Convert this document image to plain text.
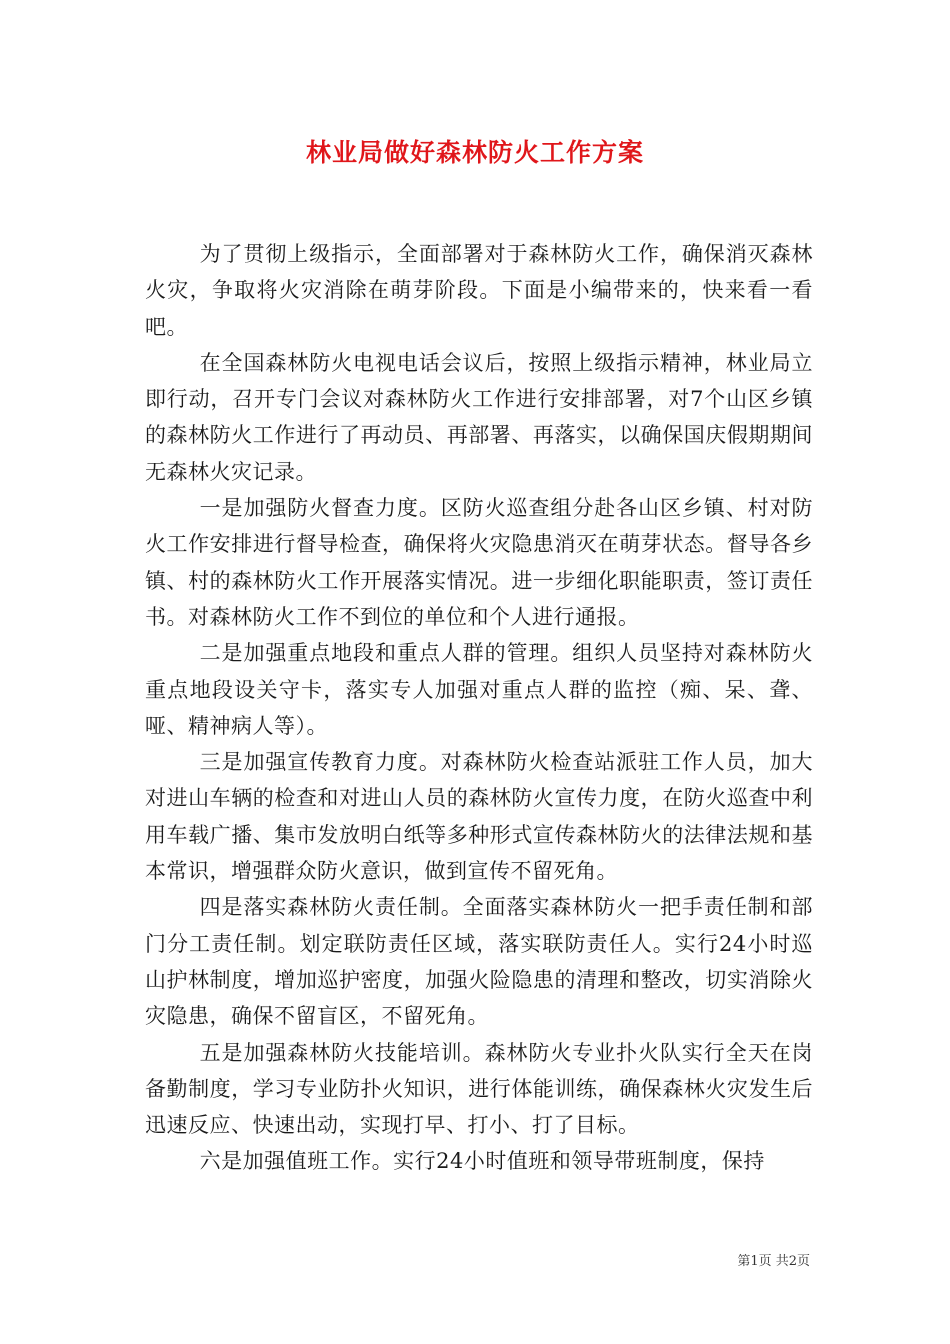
林业局做好森林防火工作方案

为了贯彻上级指示，全面部署对于森林防火工作，确保消灭森林火灾，争取将火灾消除在萌芽阶段。下面是小编带来的，快来看一看吧。

在全国森林防火电视电话会议后，按照上级指示精神，林业局立即行动，召开专门会议对森林防火工作进行安排部署，对7个山区乡镇的森林防火工作进行了再动员、再部署、再落实，以确保国庆假期期间无森林火灾记录。

一是加强防火督查力度。区防火巡查组分赴各山区乡镇、村对防火工作安排进行督导检查，确保将火灾隐患消灭在萌芽状态。督导各乡镇、村的森林防火工作开展落实情况。进一步细化职能职责，签订责任书。对森林防火工作不到位的单位和个人进行通报。

二是加强重点地段和重点人群的管理。组织人员坚持对森林防火重点地段设关守卡，落实专人加强对重点人群的监控（痴、呆、聋、哑、精神病人等）。

三是加强宣传教育力度。对森林防火检查站派驻工作人员，加大对进山车辆的检查和对进山人员的森林防火宣传力度，在防火巡查中利用车载广播、集市发放明白纸等多种形式宣传森林防火的法律法规和基本常识，增强群众防火意识，做到宣传不留死角。

四是落实森林防火责任制。全面落实森林防火一把手责任制和部门分工责任制。划定联防责任区域，落实联防责任人。实行24小时巡山护林制度，增加巡护密度，加强火险隐患的清理和整改，切实消除火灾隐患，确保不留盲区，不留死角。

五是加强森林防火技能培训。森林防火专业扑火队实行全天在岗备勤制度，学习专业防扑火知识，进行体能训练，确保森林火灾发生后迅速反应、快速出动，实现打早、打小、打了目标。

六是加强值班工作。实行24小时值班和领导带班制度，保持

第1页 共2页
